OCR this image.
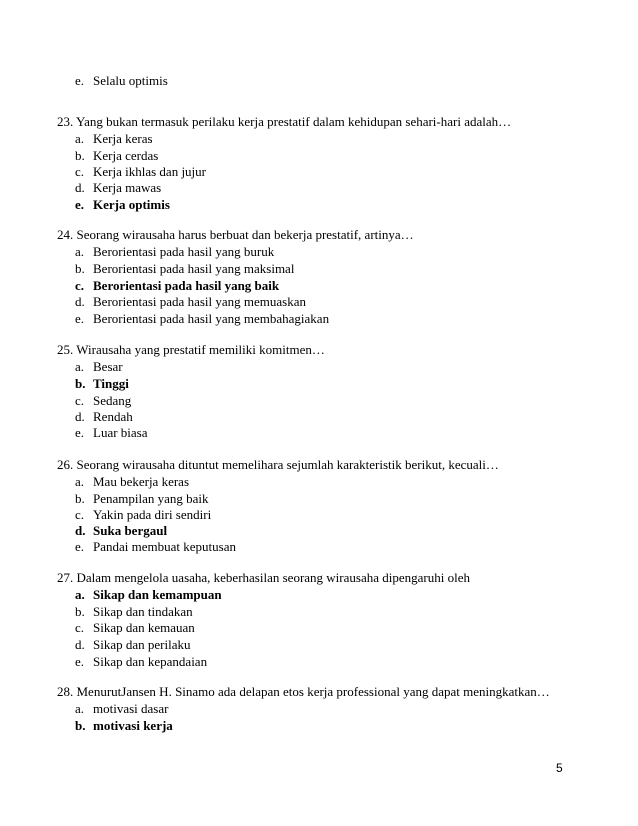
5
e. Selalu optimis
23. Yang bukan termasuk perilaku kerja prestatif dalam kehidupan sehari-hari adalah…
a. Kerja keras
b. Kerja cerdas
c. Kerja ikhlas dan jujur
d. Kerja mawas
e. Kerja optimis
24. Seorang wirausaha harus berbuat dan bekerja prestatif, artinya…
a. Berorientasi pada hasil yang buruk
b. Berorientasi pada hasil yang maksimal
c. Berorientasi pada hasil yang baik
d. Berorientasi pada hasil yang memuaskan
e. Berorientasi pada hasil yang membahagiakan
25. Wirausaha yang prestatif memiliki komitmen…
a. Besar
b. Tinggi
c. Sedang
d. Rendah
e. Luar biasa
26. Seorang wirausaha dituntut memelihara sejumlah karakteristik berikut, kecuali…
a. Mau bekerja keras
b. Penampilan yang baik
c. Yakin pada diri sendiri
d. Suka bergaul
e. Pandai membuat keputusan
27. Dalam mengelola uasaha, keberhasilan seorang wirausaha dipengaruhi oleh
a. Sikap dan kemampuan
b. Sikap dan tindakan
c. Sikap dan kemauan
d. Sikap dan perilaku
e. Sikap dan kepandaian
28. MenurutJansen H. Sinamo ada delapan etos kerja professional yang dapat meningkatkan…
a. motivasi dasar
b. motivasi kerja
